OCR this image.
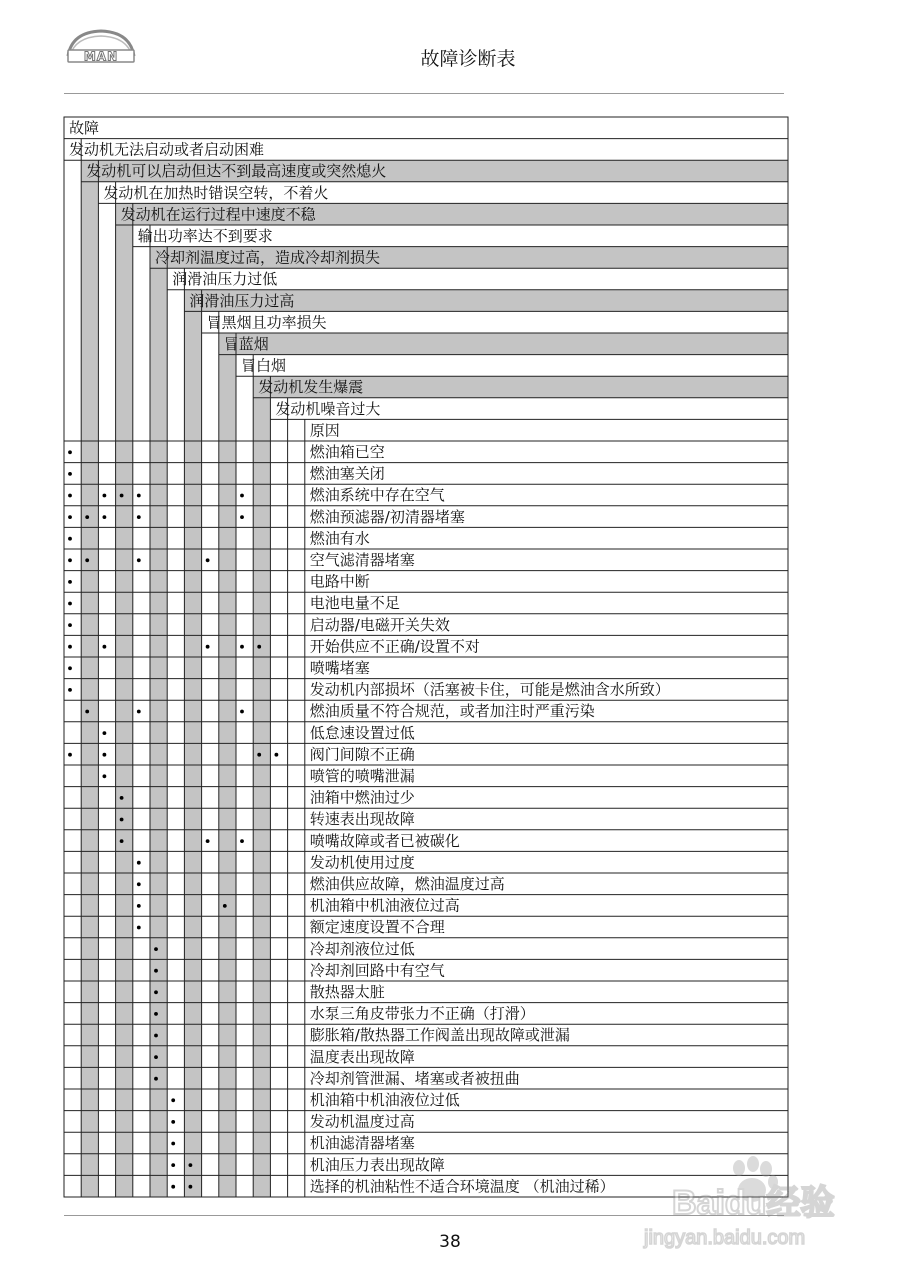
MAN	故障诊断表
故障
发动机无法启动或者启动困难
发动机可以启动但达不到最高速度或突然熄火
发动机在加热时错误空转，不着火
发动机在运行过程中速度不稳
输出功率达不到要求
冷却剂温度过高，造成冷却剂损失
润滑油压力过低
润滑油压力过高
冒黑烟且功率损失
冒蓝烟
冒白烟
发动机发生爆震
发动机噪音过大
原因
燃油箱已空
燃油塞关闭
燃油系统中存在空气
燃油预滤器/初清器堵塞
燃油有水
空气滤清器堵塞
电路中断
电池电量不足
启动器/电磁开关失效
开始供应不正确/设置不对
喷嘴堵塞
发动机内部损坏（活塞被卡住，可能是燃油含水所致）
燃油质量不符合规范，或者加注时严重污染
低怠速设置过低
阀门间隙不正确
喷管的喷嘴泄漏
油箱中燃油过少
转速表出现故障
喷嘴故障或者已被碳化
发动机使用过度
燃油供应故障，燃油温度过高
机油箱中机油液位过高
额定速度设置不合理
冷却剂液位过低
冷却剂回路中有空气
散热器太脏
水泵三角皮带张力不正确（打滑）
膨胀箱/散热器工作阀盖出现故障或泄漏
温度表出现故障
冷却剂管泄漏、堵塞或者被扭曲
机油箱中机油液位过低
发动机温度过高
机油滤清器堵塞
机油压力表出现故障
选择的机油粘性不适合环境温度 （机油过稀）
38
Baidu经验
jingyan.baidu.com
